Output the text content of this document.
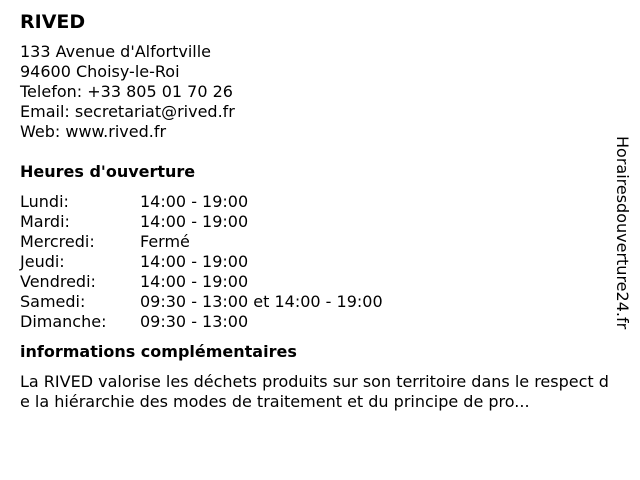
RIVED
133 Avenue d'Alfortville
94600 Choisy-le-Roi
Telefon: +33 805 01 70 26
Email: secretariat@rived.fr
Web: www.rived.fr
Heures d'ouverture
Lundi:	14:00 - 19:00
Mardi:	14:00 - 19:00
Mercredi:	Fermé
Jeudi:	14:00 - 19:00
Vendredi:	14:00 - 19:00
Samedi:	09:30 - 13:00 et 14:00 - 19:00
Dimanche:	09:30 - 13:00
informations complémentaires
La RIVED valorise les déchets produits sur son territoire dans le respect de la hiérarchie des modes de traitement et du principe de pro...
Horairesdouverture24.fr
